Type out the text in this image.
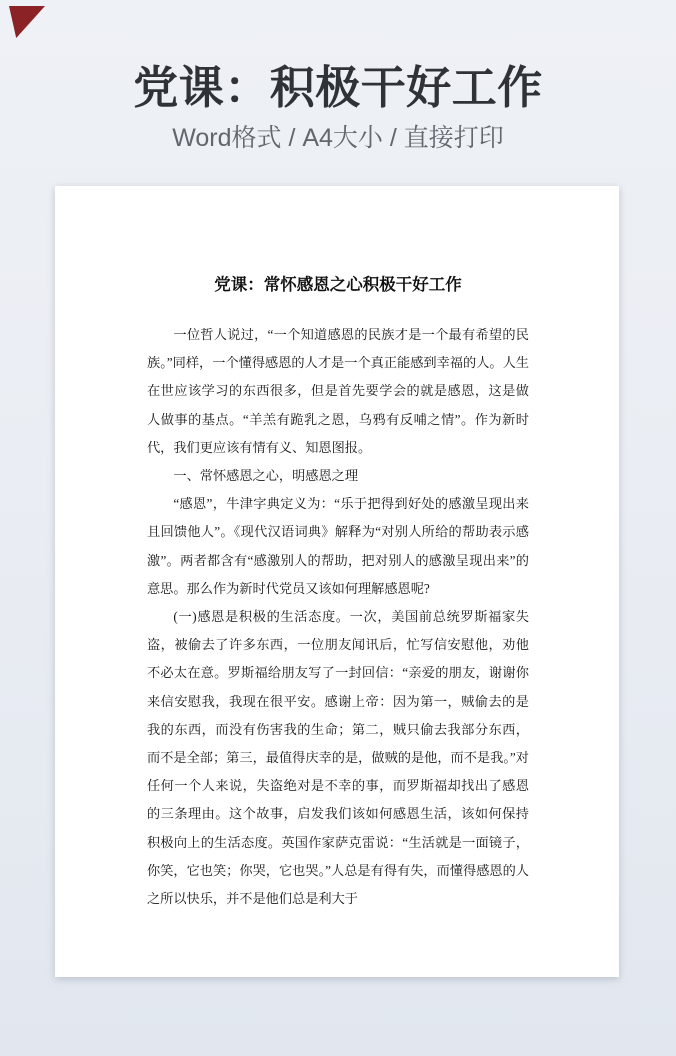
党课：积极干好工作

Word格式 / A4大小 / 直接打印

党课：常怀感恩之心积极干好工作

一位哲人说过，“一个知道感恩的民族才是一个最有希望的民族。”同样，一个懂得感恩的人才是一个真正能感到幸福的人。人生在世应该学习的东西很多，但是首先要学会的就是感恩，这是做人做事的基点。“羊羔有跪乳之恩，乌鸦有反哺之情”。作为新时代，我们更应该有情有义、知恩图报。

一、常怀感恩之心，明感恩之理

“感恩”，牛津字典定义为：“乐于把得到好处的感激呈现出来且回馈他人”。《现代汉语词典》解释为“对别人所给的帮助表示感激”。两者都含有“感激别人的帮助，把对别人的感激呈现出来”的意思。那么作为新时代党员又该如何理解感恩呢?

(一)感恩是积极的生活态度。一次，美国前总统罗斯福家失盗，被偷去了许多东西，一位朋友闻讯后，忙写信安慰他，劝他不必太在意。罗斯福给朋友写了一封回信：“亲爱的朋友，谢谢你来信安慰我，我现在很平安。感谢上帝：因为第一，贼偷去的是我的东西，而没有伤害我的生命；第二，贼只偷去我部分东西，而不是全部；第三，最值得庆幸的是，做贼的是他，而不是我。”对任何一个人来说，失盗绝对是不幸的事，而罗斯福却找出了感恩的三条理由。这个故事，启发我们该如何感恩生活，该如何保持积极向上的生活态度。英国作家萨克雷说：“生活就是一面镜子，你笑，它也笑；你哭，它也哭。”人总是有得有失，而懂得感恩的人之所以快乐，并不是他们总是利大于
